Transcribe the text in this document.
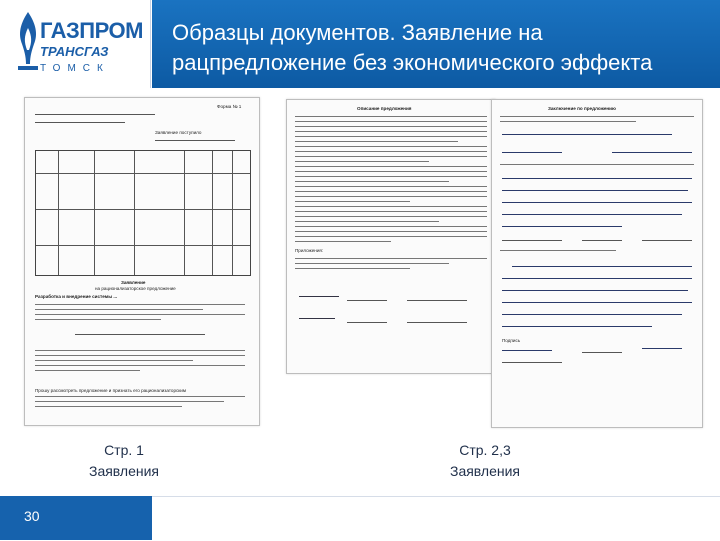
ГАЗПРОМ
ТРАНСГАЗ
ТОМСК
Образцы документов. Заявление на
рацпредложение без экономического эффекта
Форма № 1
Заявление поступило
Заявление
на рационализаторское предложение
Разработка и внедрение системы ...
Прошу рассмотреть предложение и признать его рационализаторским
Описание предложения
Приложения:
Заключение по предложению
Подпись
Стр. 1
Заявления
Стр. 2,3
Заявления
30
